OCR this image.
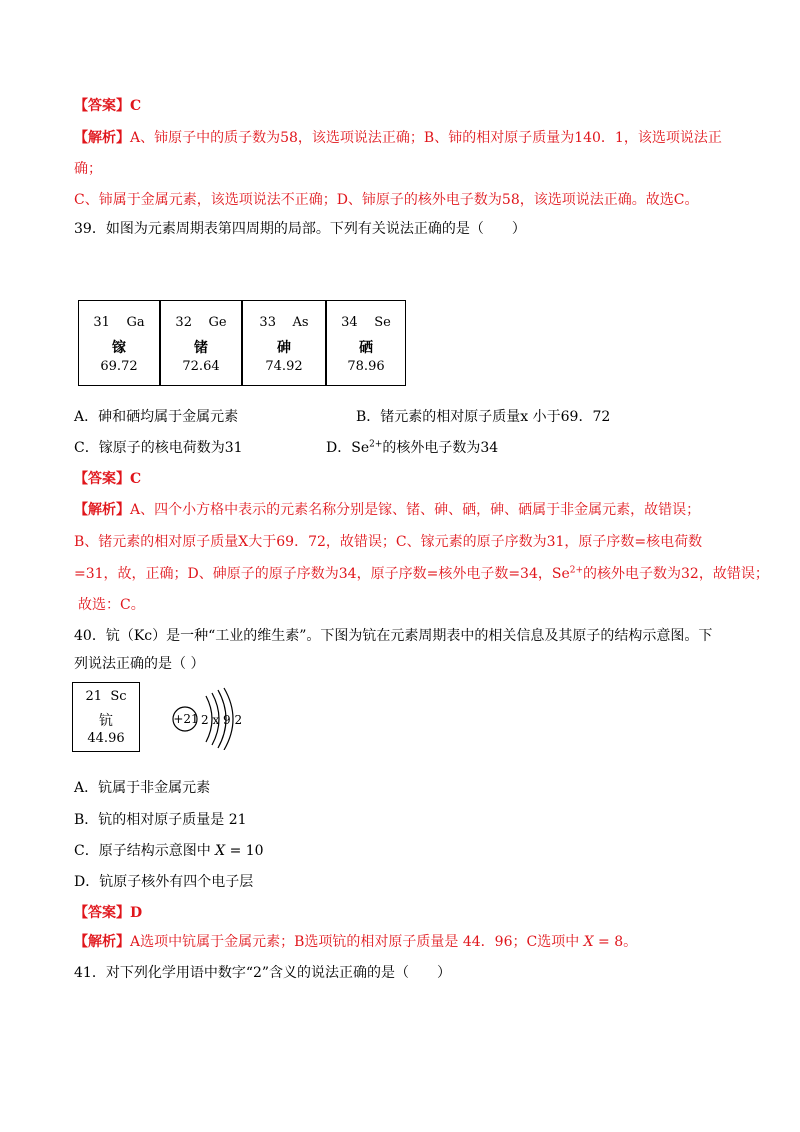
【答案】C
【解析】A、铈原子中的质子数为58，该选项说法正确；B、铈的相对原子质量为140．1，该选项说法正
确；
C、铈属于金属元素，该选项说法不正确；D、铈原子的核外电子数为58，该选项说法正确。故选C。
39．如图为元素周期表第四周期的局部。下列有关说法正确的是（　　）
31 Ga
镓
69.72
32 Ge
锗
72.64
33 As
砷
74.92
34 Se
硒
78.96
A．砷和硒均属于金属元素	B．锗元素的相对原子质量x 小于69．72
C．镓原子的核电荷数为31	D．$Se^{2+}$的核外电子数为34
【答案】C
【解析】A、四个小方格中表示的元素名称分别是镓、锗、砷、硒，砷、硒属于非金属元素，故错误；
B、锗元素的相对原子质量X大于69．72，故错误；C、镓元素的原子序数为31，原子序数=核电荷数
=31，故，正确；D、砷原子的原子序数为34，原子序数=核外电子数=34，$Se^{2+}$的核外电子数为32，故错误；
故选：C。
40．钪（Kc）是一种“工业的维生素”。下图为钪在元素周期表中的相关信息及其原子的结构示意图。下
列说法正确的是（ ）
21 Sc
钪
44.96
+21 2 x 9 2
A．钪属于非金属元素
B．钪的相对原子质量是 21
C．原子结构示意图中 X = 10
D．钪原子核外有四个电子层
【答案】D
【解析】A选项中钪属于金属元素；B选项钪的相对原子质量是 44．96；C选项中 X = 8。
41．对下列化学用语中数字“2”含义的说法正确的是（　　）
